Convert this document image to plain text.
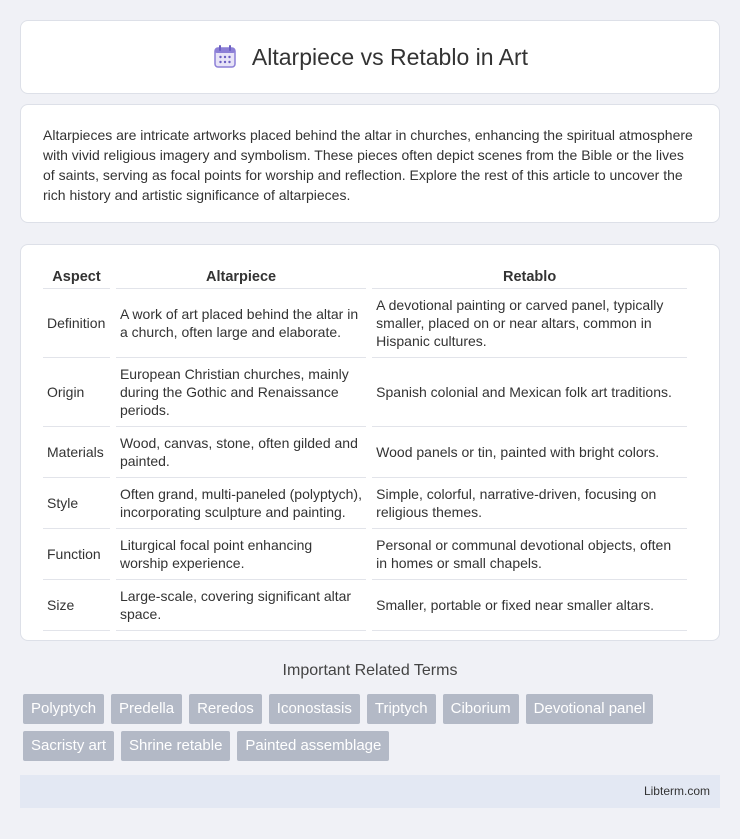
Altarpiece vs Retablo in Art

Altarpieces are intricate artworks placed behind the altar in churches, enhancing the spiritual atmosphere with vivid religious imagery and symbolism. These pieces often depict scenes from the Bible or the lives of saints, serving as focal points for worship and reflection. Explore the rest of this article to uncover the rich history and artistic significance of altarpieces.

Aspect	Altarpiece	Retablo
Definition	A work of art placed behind the altar in a church, often large and elaborate.	A devotional painting or carved panel, typically smaller, placed on or near altars, common in Hispanic cultures.
Origin	European Christian churches, mainly during the Gothic and Renaissance periods.	Spanish colonial and Mexican folk art traditions.
Materials	Wood, canvas, stone, often gilded and painted.	Wood panels or tin, painted with bright colors.
Style	Often grand, multi-paneled (polyptych), incorporating sculpture and painting.	Simple, colorful, narrative-driven, focusing on religious themes.
Function	Liturgical focal point enhancing worship experience.	Personal or communal devotional objects, often in homes or small chapels.
Size	Large-scale, covering significant altar space.	Smaller, portable or fixed near smaller altars.
Important Related Terms
Polyptych	Predella	Reredos	Iconostasis	Triptych	Ciborium	Devotional panel
Sacristy art	Shrine retable	Painted assemblage
Libterm.com
